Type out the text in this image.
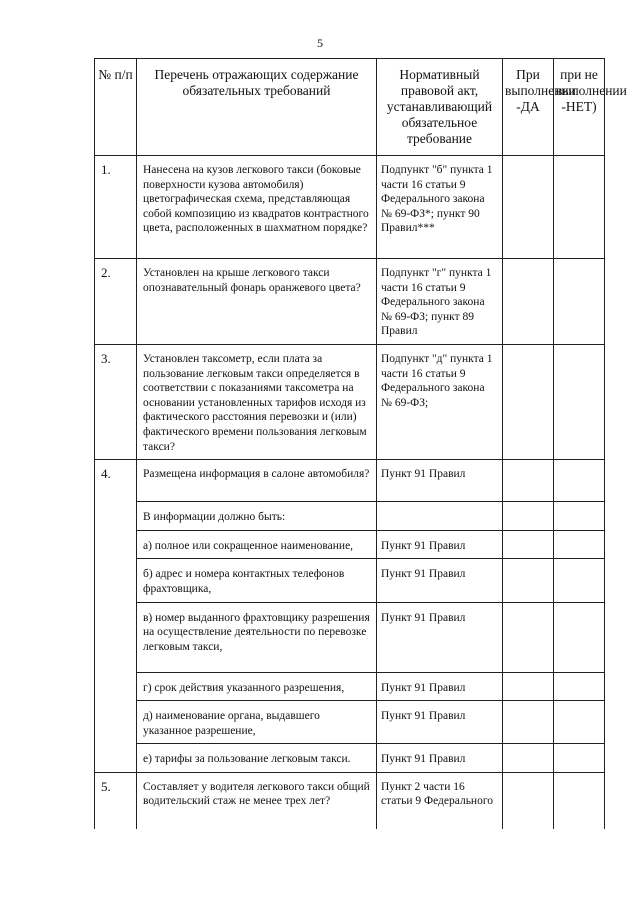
5
№ п/п	Перечень отражающих содержание обязательных требований	Нормативный правовой акт, устанавливающий обязательное требование	При выполнении -ДА	при не выполнении -НЕТ)
1.	Нанесена на кузов легкового такси (боковые поверхности кузова автомобиля) цветографическая схема, представляющая собой композицию из квадратов контрастного цвета, расположенных в шахматном порядке?	Подпункт "б" пункта 1 части 16 статьи 9 Федерального закона № 69-ФЗ*; пункт 90 Правил***		
2.	Установлен на крыше легкового такси опознавательный фонарь оранжевого цвета?	Подпункт "г" пункта 1 части 16 статьи 9 Федерального закона № 69-ФЗ; пункт 89 Правил		
3.	Установлен таксометр, если плата за пользование легковым такси определяется в соответствии с показаниями таксометра на основании установленных тарифов исходя из фактического расстояния перевозки и (или) фактического времени пользования легковым такси?	Подпункт "д" пункта 1 части 16 статьи 9 Федерального закона № 69-ФЗ;		
4.	Размещена информация в салоне автомобиля?	Пункт 91 Правил		
	В информации должно быть:			
	а) полное или сокращенное наименование,	Пункт 91 Правил		
	б) адрес и номера контактных телефонов фрахтовщика,	Пункт 91 Правил		
	в) номер выданного фрахтовщику разрешения на осуществление деятельности по перевозке легковым такси,	Пункт 91 Правил		
	г) срок действия указанного разрешения,	Пункт 91 Правил		
	д) наименование органа, выдавшего указанное разрешение,	Пункт 91 Правил		
	е) тарифы за пользование легковым такси.	Пункт 91 Правил		
5.	Составляет у водителя легкового такси общий водительский стаж не менее трех лет?	Пункт 2 части 16 статьи 9 Федерального		
